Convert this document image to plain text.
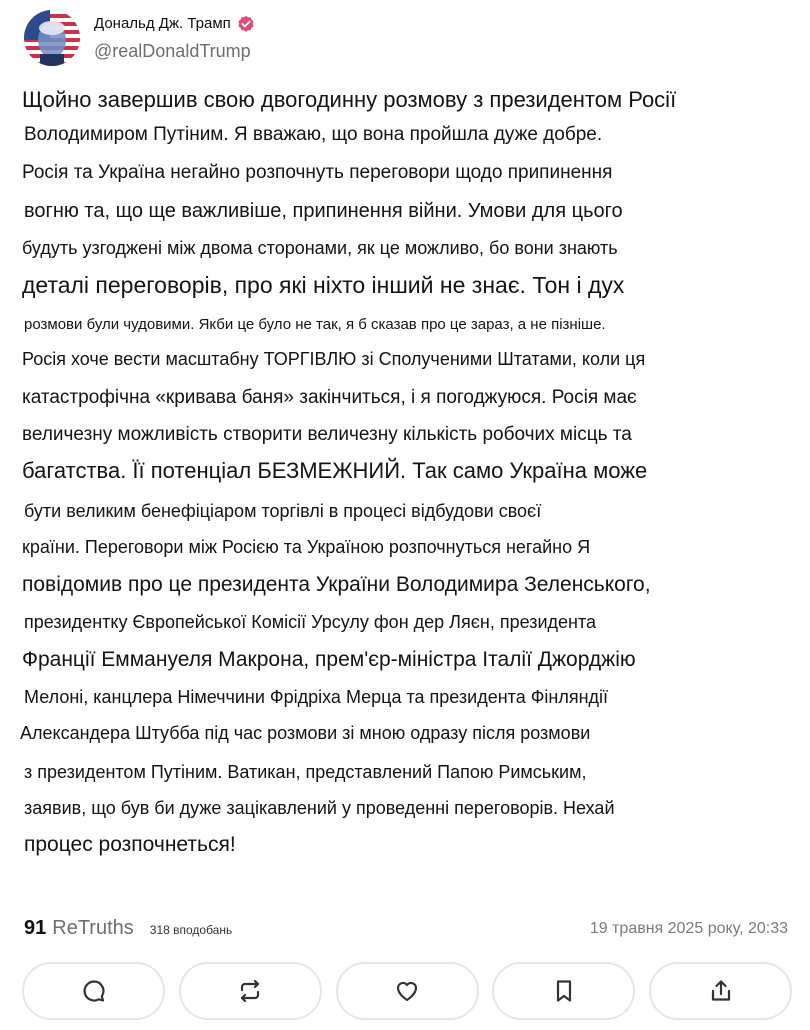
Дональд Дж. Трамп
@realDonaldTrump

Щойно завершив свою двогодинну розмову з президентом Росії

Володимиром Путіним. Я вважаю, що вона пройшла дуже добре.

Росія та Україна негайно розпочнуть переговори щодо припинення

вогню та, що ще важливіше, припинення війни. Умови для цього

будуть узгоджені між двома сторонами, як це можливо, бо вони знають

деталі переговорів, про які ніхто інший не знає. Тон і дух

розмови були чудовими. Якби це було не так, я б сказав про це зараз, а не пізніше.

Росія хоче вести масштабну ТОРГІВЛЮ зі Сполученими Штатами, коли ця

катастрофічна «кривава баня» закінчиться, і я погоджуюся. Росія має

величезну можливість створити величезну кількість робочих місць та

багатства. Її потенціал БЕЗМЕЖНИЙ. Так само Україна може

бути великим бенефіціаром торгівлі в процесі відбудови своєї

країни. Переговори між Росією та Україною розпочнуться негайно Я

повідомив про це президента України Володимира Зеленського,

президентку Європейської Комісії Урсулу фон дер Ляєн, президента

Франції Еммануеля Макрона, прем'єр-міністра Італії Джорджію

Мелоні, канцлера Німеччини Фрідріха Мерца та президента Фінляндії

Александера Штубба під час розмови зі мною одразу після розмови

з президентом Путіним. Ватикан, представлений Папою Римським,

заявив, що був би дуже зацікавлений у проведенні переговорів. Нехай

процес розпочнеться!

91 ReTruths 318 вподобань	19 травня 2025 року, 20:33
